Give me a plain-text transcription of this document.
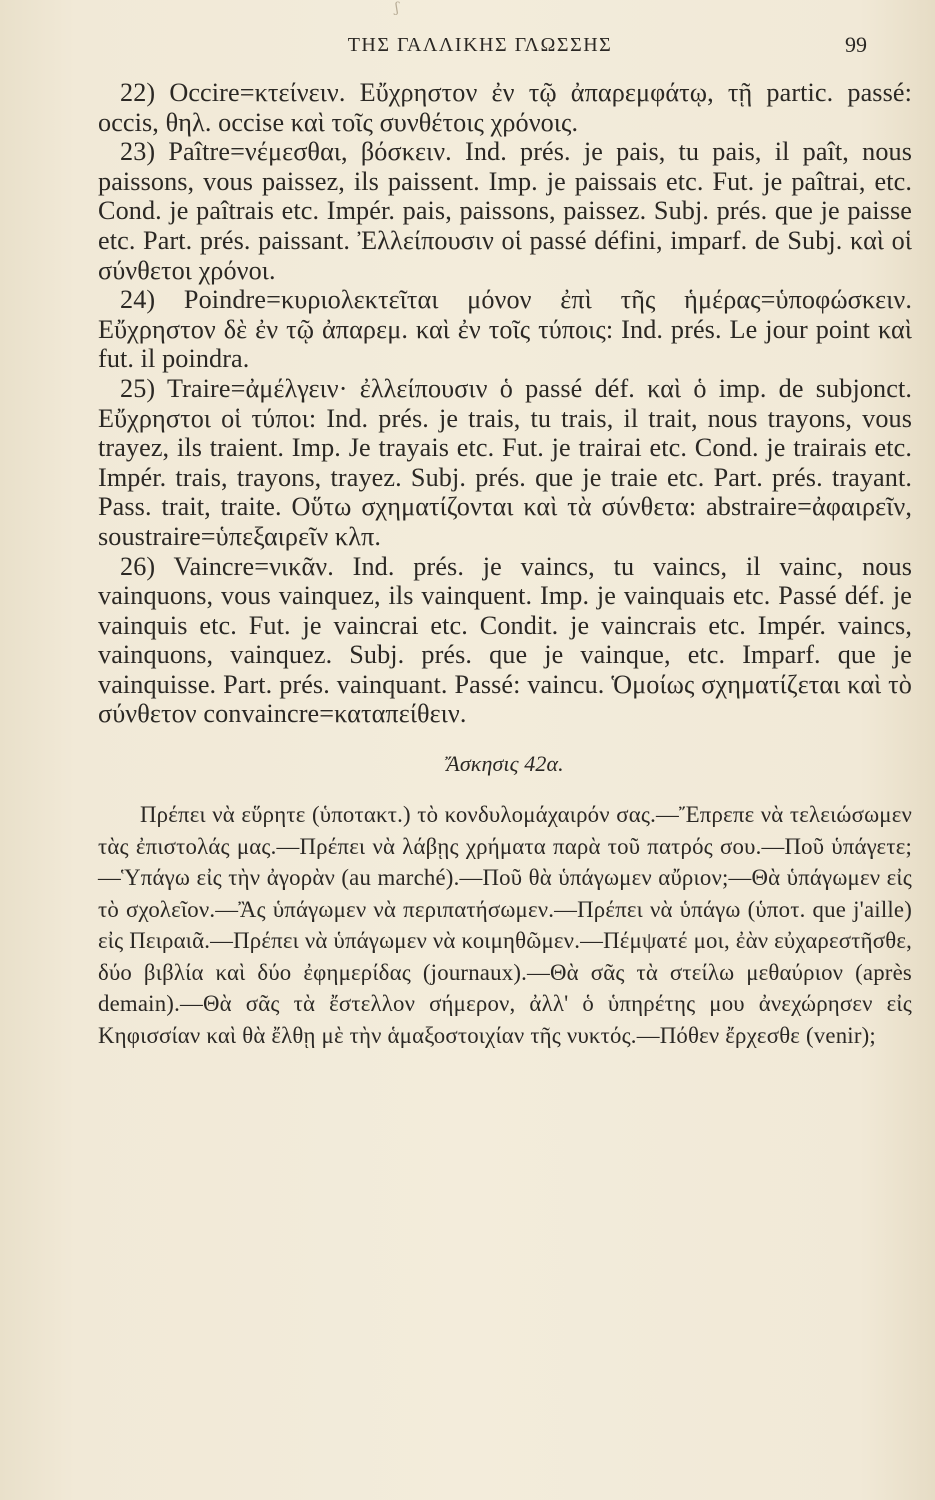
ʃ
ΤΗΣ ΓΑΛΛΙΚΗΣ ΓΛΩΣΣΗΣ	99

22) Occire=κτείνειν. Εὔχρηστον ἐν τῷ ἀπαρεμφάτῳ, τῇ partic. passé: occis, θηλ. occise καὶ τοῖς συνθέτοις χρόνοις.

23) Paître=νέμεσθαι, βόσκειν. Ind. prés. je pais, tu pais, il paît, nous paissons, vous paissez, ils paissent. Imp. je paissais etc. Fut. je paîtrai, etc. Cond. je paîtrais etc. Impér. pais, paissons, paissez. Subj. prés. que je paisse etc. Part. prés. paissant. Ἐλλείπουσιν οἱ passé défini, imparf. de Subj. καὶ οἱ σύνθετοι χρόνοι.

24) Poindre=κυριολεκτεῖται μόνον ἐπὶ τῆς ἡμέρας=ὑποφώσκειν. Εὔχρηστον δὲ ἐν τῷ ἀπαρεμ. καὶ ἐν τοῖς τύποις: Ind. prés. Le jour point καὶ fut. il poindra.

25) Traire=ἀμέλγειν· ἐλλείπουσιν ὁ passé déf. καὶ ὁ imp. de subjonct. Εὔχρηστοι οἱ τύποι: Ind. prés. je trais, tu trais, il trait, nous trayons, vous trayez, ils traient. Imp. Je trayais etc. Fut. je trairai etc. Cond. je trairais etc. Impér. trais, trayons, trayez. Subj. prés. que je traie etc. Part. prés. trayant. Pass. trait, traite. Οὕτω σχηματίζονται καὶ τὰ σύνθετα: abstraire=ἀφαιρεῖν, soustraire=ὑπεξαιρεῖν κλπ.

26) Vaincre=νικᾶν. Ind. prés. je vaincs, tu vaincs, il vainc, nous vainquons, vous vainquez, ils vainquent. Imp. je vainquais etc. Passé déf. je vainquis etc. Fut. je vaincrai etc. Condit. je vaincrais etc. Impér. vaincs, vainquons, vainquez. Subj. prés. que je vainque, etc. Imparf. que je vainquisse. Part. prés. vainquant. Passé: vaincu. Ὁμοίως σχηματίζεται καὶ τὸ σύνθετον convaincre=καταπείθειν.

Ἄσκησις 42α.

Πρέπει νὰ εὕρητε (ὑποτακτ.) τὸ κονδυλομάχαιρόν σας.—Ἔπρεπε νὰ τελειώσωμεν τὰς ἐπιστολάς μας.—Πρέπει νὰ λάβῃς χρήματα παρὰ τοῦ πατρός σου.—Ποῦ ὑπάγετε;—Ὑπάγω εἰς τὴν ἀγορὰν (au marché).—Ποῦ θὰ ὑπάγωμεν αὔριον;—Θὰ ὑπάγωμεν εἰς τὸ σχολεῖον.—Ἂς ὑπάγωμεν νὰ περιπατήσωμεν.—Πρέπει νὰ ὑπάγω (ὑποτ. que j'aille) εἰς Πειραιᾶ.—Πρέπει νὰ ὑπάγωμεν νὰ κοιμηθῶμεν.—Πέμψατέ μοι, ἐὰν εὐχαρεστῆσθε, δύο βιβλία καὶ δύο ἐφημερίδας (journaux).—Θὰ σᾶς τὰ στείλω μεθαύριον (après demain).—Θὰ σᾶς τὰ ἔστελλον σήμερον, ἀλλ' ὁ ὑπηρέτης μου ἀνεχώρησεν εἰς Κηφισσίαν καὶ θὰ ἔλθῃ μὲ τὴν ἁμαξοστοιχίαν τῆς νυκτός.—Πόθεν ἔρχεσθε (venir);
